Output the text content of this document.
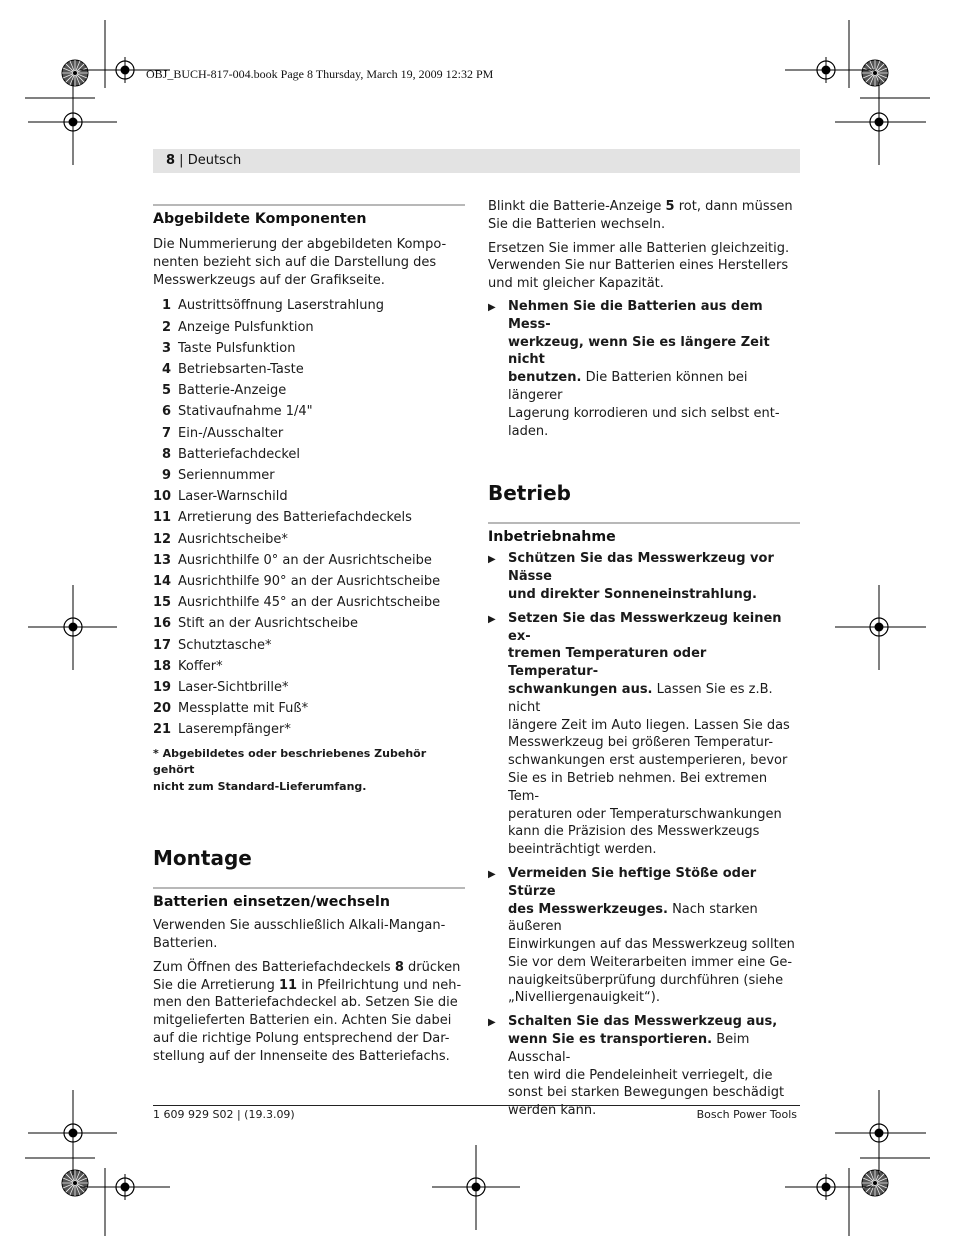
OBJ_BUCH-817-004.book Page 8 Thursday, March 19, 2009 12:32 PM
8 | Deutsch
Abgebildete Komponenten

Die Nummerierung der abgebildeten Kompo-
nenten bezieht sich auf die Darstellung des
Messwerkzeugs auf der Grafikseite.

1 Austrittsöffnung Laserstrahlung
2 Anzeige Pulsfunktion
3 Taste Pulsfunktion
4 Betriebsarten-Taste
5 Batterie-Anzeige
6 Stativaufnahme 1/4"
7 Ein-/Ausschalter
8 Batteriefachdeckel
9 Seriennummer
10 Laser-Warnschild
11 Arretierung des Batteriefachdeckels
12 Ausrichtscheibe*
13 Ausrichthilfe 0° an der Ausrichtscheibe
14 Ausrichthilfe 90° an der Ausrichtscheibe
15 Ausrichthilfe 45° an der Ausrichtscheibe
16 Stift an der Ausrichtscheibe
17 Schutztasche*
18 Koffer*
19 Laser-Sichtbrille*
20 Messplatte mit Fuß*
21 Laserempfänger*
* Abgebildetes oder beschriebenes Zubehör gehört
nicht zum Standard-Lieferumfang.
Montage
Batterien einsetzen/wechseln

Verwenden Sie ausschließlich Alkali-Mangan-
Batterien.

Zum Öffnen des Batteriefachdeckels 8 drücken
Sie die Arretierung 11 in Pfeilrichtung und neh-
men den Batteriefachdeckel ab. Setzen Sie die
mitgelieferten Batterien ein. Achten Sie dabei
auf die richtige Polung entsprechend der Dar-
stellung auf der Innenseite des Batteriefachs.

Blinkt die Batterie-Anzeige 5 rot, dann müssen
Sie die Batterien wechseln.

Ersetzen Sie immer alle Batterien gleichzeitig.
Verwenden Sie nur Batterien eines Herstellers
und mit gleicher Kapazität.

▶ Nehmen Sie die Batterien aus dem Mess-
werkzeug, wenn Sie es längere Zeit nicht
benutzen. Die Batterien können bei längerer
Lagerung korrodieren und sich selbst ent-
laden.
Betrieb
Inbetriebnahme
▶ Schützen Sie das Messwerkzeug vor Nässe
und direkter Sonneneinstrahlung.
▶ Setzen Sie das Messwerkzeug keinen ex-
tremen Temperaturen oder Temperatur-
schwankungen aus. Lassen Sie es z.B. nicht
längere Zeit im Auto liegen. Lassen Sie das
Messwerkzeug bei größeren Temperatur-
schwankungen erst austemperieren, bevor
Sie es in Betrieb nehmen. Bei extremen Tem-
peraturen oder Temperaturschwankungen
kann die Präzision des Messwerkzeugs
beeinträchtigt werden.
▶ Vermeiden Sie heftige Stöße oder Stürze
des Messwerkzeuges. Nach starken äußeren
Einwirkungen auf das Messwerkzeug sollten
Sie vor dem Weiterarbeiten immer eine Ge-
nauigkeitsüberprüfung durchführen (siehe
„Nivelliergenauigkeit“).
▶ Schalten Sie das Messwerkzeug aus,
wenn Sie es transportieren. Beim Ausschal-
ten wird die Pendeleinheit verriegelt, die
sonst bei starken Bewegungen beschädigt
werden kann.
1 609 929 S02 | (19.3.09)	Bosch Power Tools
